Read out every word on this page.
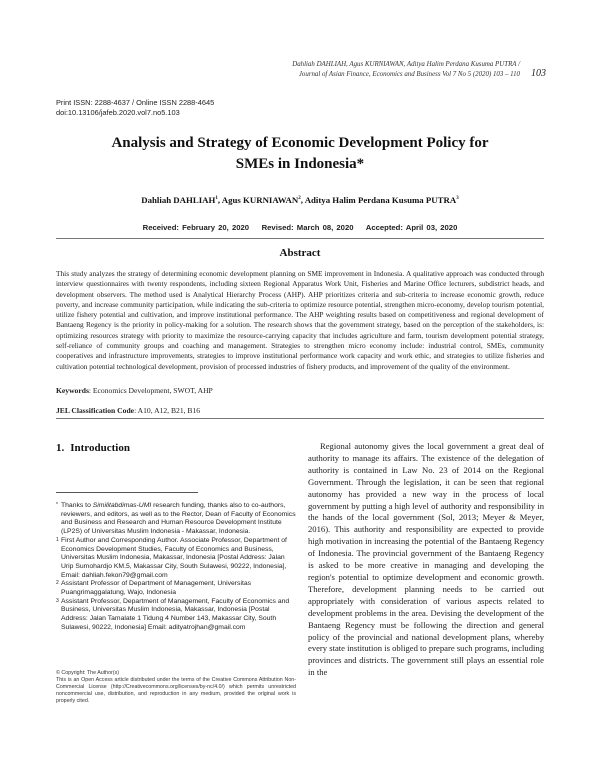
Dahliah DAHLIAH, Agus KURNIAWAN, Aditya Halim Perdana Kusuma PUTRA /
Journal of Asian Finance, Economics and Business Vol 7 No 5 (2020) 103 – 110	103
Print ISSN: 2288-4637 / Online ISSN 2288-4645
doi:10.13106/jafeb.2020.vol7.no5.103
Analysis and Strategy of Economic Development Policy for
SMEs in Indonesia*
Dahliah DAHLIAH$^1$, Agus KURNIAWAN$^2$, Aditya Halim Perdana Kusuma PUTRA$^3$
Received: February 20, 2020 Revised: March 08, 2020 Accepted: April 03, 2020
Abstract
This study analyzes the strategy of determining economic development planning on SME improvement in Indonesia. A qualitative approach was conducted through interview questionnaires with twenty respondents, including sixteen Regional Apparatus Work Unit, Fisheries and Marine Office lecturers, subdistrict heads, and development observers. The method used is Analytical Hierarchy Process (AHP). AHP prioritizes criteria and sub-criteria to increase economic growth, reduce poverty, and increase community participation, while indicating the sub-criteria to optimize resource potential, strengthen micro-economy, develop tourism potential, utilize fishery potential and cultivation, and improve institutional performance. The AHP weighting results based on competitiveness and regional development of Bantaeng Regency is the priority in policy-making for a solution. The research shows that the government strategy, based on the perception of the stakeholders, is: optimizing resources strategy with priority to maximize the resource-carrying capacity that includes agriculture and farm, tourism development potential strategy, self-reliance of community groups and coaching and management. Strategies to strengthen micro economy include: industrial control, SMEs, community cooperatives and infrastructure improvements, strategies to improve institutional performance work capacity and work ethic, and strategies to utilize fisheries and cultivation potential technological development, provision of processed industries of fishery products, and improvement of the quality of the environment.
Keywords: Economics Development, SWOT, AHP
JEL Classification Code: A10, A12, B21, B16
1. Introduction
* Thanks to Similitabdimas-UMI research funding, thanks also to co-authors, reviewers, and editors, as well as to the Rector, Dean of Faculty of Economics and Business and Research and Human Resource Development Institute (LP2S) of Universitas Muslim Indonesia - Makassar, Indonesia.
1 First Author and Corresponding Author. Associate Professor, Department of Economics Development Studies, Faculty of Economics and Business, Universitas Muslim Indonesia, Makassar, Indonesia [Postal Address: Jalan Urip Sumohardjo KM.5, Makassar City, South Sulawesi, 90222, Indonesia], Email: dahliah.fekon79@gmail.com
2 Assistant Professor of Department of Management, Universitas Puangrimaggalatung, Wajo, Indonesia
3 Assistant Professor, Department of Management, Faculty of Economics and Business, Universitas Muslim Indonesia, Makassar, Indonesia [Postal Address: Jalan Tamalate 1 Tidung 4 Number 143, Makassar City, South Sulawesi, 90222, Indonesia] Email: adityatrojhan@gmail.com
© Copyright: The Author(s)
This is an Open Access article distributed under the terms of the Creative Commons Attribution Non-Commercial License (http://Creativecommons.org/licenses/by-nc/4.0/) which permits unrestricted noncommercial use, distribution, and reproduction in any medium, provided the original work is properly cited.
Regional autonomy gives the local government a great deal of authority to manage its affairs. The existence of the delegation of authority is contained in Law No. 23 of 2014 on the Regional Government. Through the legislation, it can be seen that regional autonomy has provided a new way in the process of local government by putting a high level of authority and responsibility in the hands of the local government (Sol, 2013; Meyer & Meyer, 2016). This authority and responsibility are expected to provide high motivation in increasing the potential of the Bantaeng Regency of Indonesia. The provincial government of the Bantaeng Regency is asked to be more creative in managing and developing the region's potential to optimize development and economic growth. Therefore, development planning needs to be carried out appropriately with consideration of various aspects related to development problems in the area. Devising the development of the Bantaeng Regency must be following the direction and general policy of the provincial and national development plans, whereby every state institution is obliged to prepare such programs, including provinces and districts. The government still plays an essential role in the
